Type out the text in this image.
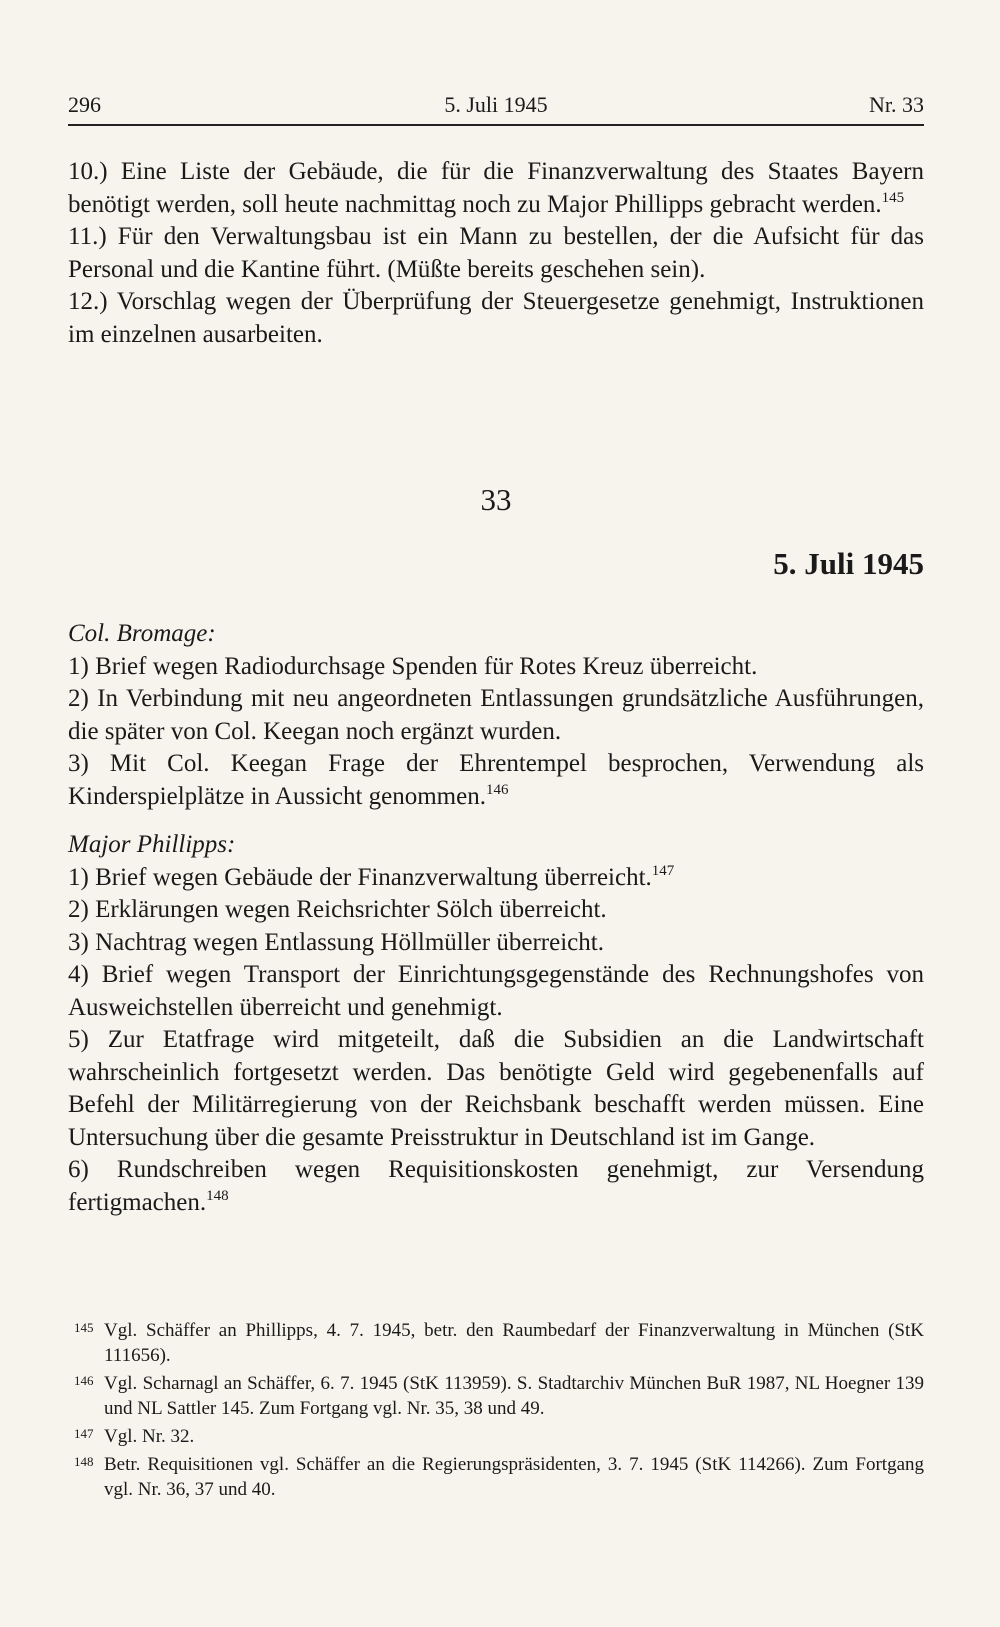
296	5. Juli 1945	Nr. 33

10.) Eine Liste der Gebäude, die für die Finanzverwaltung des Staates Bayern benötigt werden, soll heute nachmittag noch zu Major Phillipps gebracht werden.$^{145}$

11.) Für den Verwaltungsbau ist ein Mann zu bestellen, der die Aufsicht für das Personal und die Kantine führt. (Müßte bereits geschehen sein).

12.) Vorschlag wegen der Überprüfung der Steuergesetze genehmigt, Instruktionen im einzelnen ausarbeiten.

33
5. Juli 1945

Col. Bromage:

1) Brief wegen Radiodurchsage Spenden für Rotes Kreuz überreicht.

2) In Verbindung mit neu angeordneten Entlassungen grundsätzliche Ausführungen, die später von Col. Keegan noch ergänzt wurden.

3) Mit Col. Keegan Frage der Ehrentempel besprochen, Verwendung als Kinderspielplätze in Aussicht genommen.$^{146}$

Major Phillipps:

1) Brief wegen Gebäude der Finanzverwaltung überreicht.$^{147}$

2) Erklärungen wegen Reichsrichter Sölch überreicht.

3) Nachtrag wegen Entlassung Höllmüller überreicht.

4) Brief wegen Transport der Einrichtungsgegenstände des Rechnungshofes von Ausweichstellen überreicht und genehmigt.

5) Zur Etatfrage wird mitgeteilt, daß die Subsidien an die Landwirtschaft wahrscheinlich fortgesetzt werden. Das benötigte Geld wird gegebenenfalls auf Befehl der Militärregierung von der Reichsbank beschafft werden müssen. Eine Untersuchung über die gesamte Preisstruktur in Deutschland ist im Gange.

6) Rundschreiben wegen Requisitionskosten genehmigt, zur Versendung fertigmachen.$^{148}$

145 Vgl. Schäffer an Phillipps, 4. 7. 1945, betr. den Raumbedarf der Finanzverwaltung in München (StK 111656).
146 Vgl. Scharnagl an Schäffer, 6. 7. 1945 (StK 113959). S. Stadtarchiv München BuR 1987, NL Hoegner 139 und NL Sattler 145. Zum Fortgang vgl. Nr. 35, 38 und 49.
147 Vgl. Nr. 32.
148 Betr. Requisitionen vgl. Schäffer an die Regierungspräsidenten, 3. 7. 1945 (StK 114266). Zum Fortgang vgl. Nr. 36, 37 und 40.
